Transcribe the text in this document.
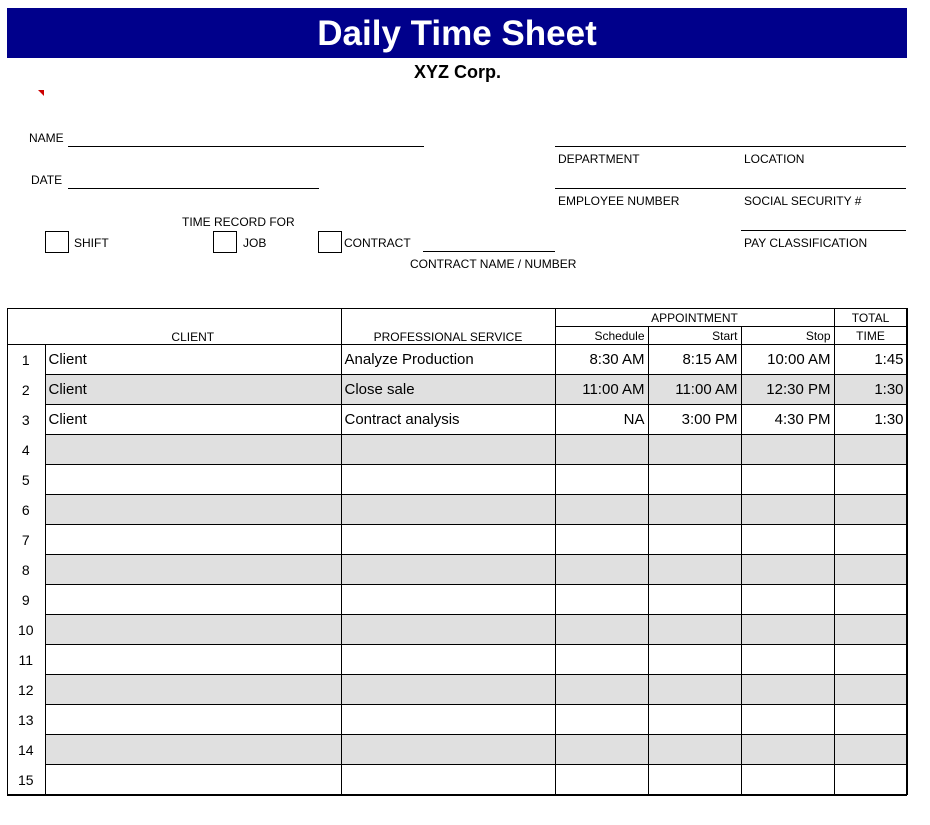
Daily Time Sheet
XYZ Corp.
NAME
DATE
TIME RECORD FOR
SHIFT	JOB	CONTRACT
CONTRACT NAME / NUMBER
DEPARTMENT	LOCATION
EMPLOYEE NUMBER	SOCIAL SECURITY #
PAY CLASSIFICATION
	CLIENT	PROFESSIONAL SERVICE	APPOINTMENT			TOTAL
			Schedule	Start	Stop	TIME
1	Client	Analyze Production	8:30 AM	8:15 AM	10:00 AM	1:45
2	Client	Close sale	11:00 AM	11:00 AM	12:30 PM	1:30
3	Client	Contract analysis	NA	3:00 PM	4:30 PM	1:30
4						
5						
6						
7						
8						
9						
10						
11						
12						
13						
14						
15						
